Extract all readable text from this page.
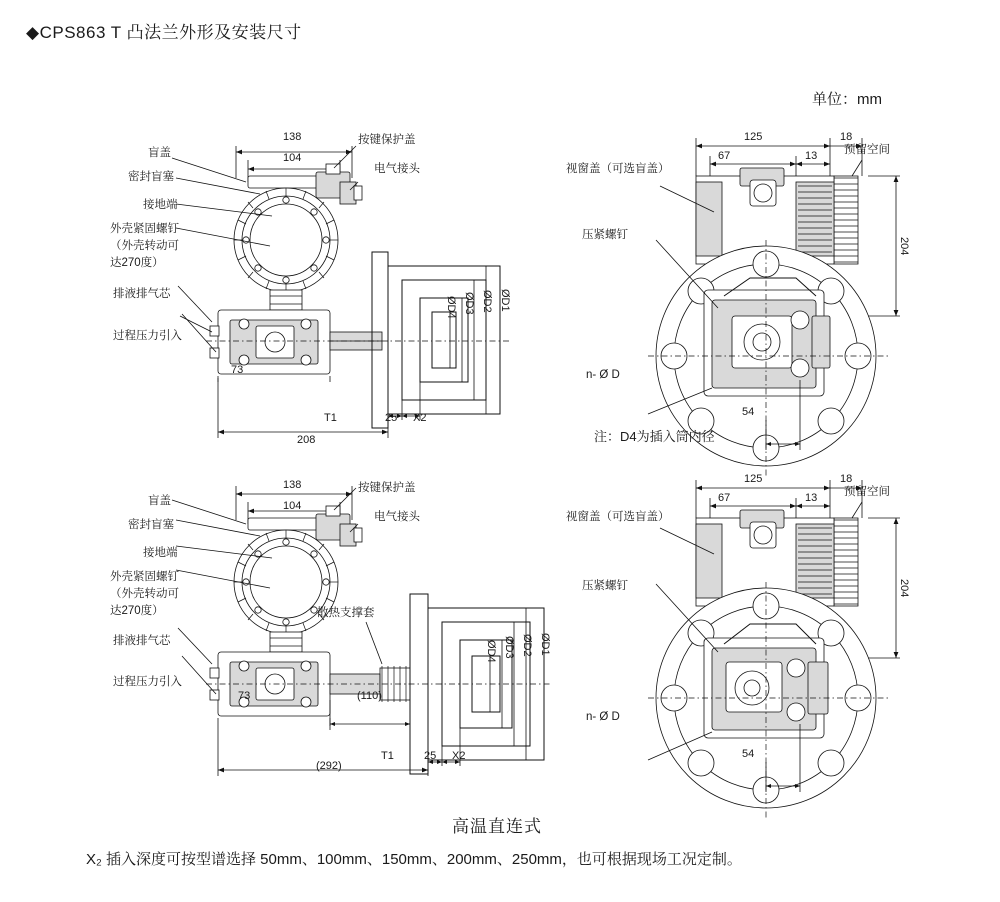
◆CPS863 T 凸法兰外形及安装尺寸
单位：mm
盲盖
密封盲塞
接地端
外壳紧固螺钉
（外壳转动可
达270度）
排液排气芯
过程压力引入
按键保护盖
电气接头
138
104
73
208
T1	25 X2
ØD4 ØD3 ØD2 ØD1
视窗盖（可选盲盖）
压紧螺钉
预留空间
125	18
67	13
204
54
n- Ø D
注：D4为插入筒内径
盲盖
密封盲塞
接地端
外壳紧固螺钉
（外壳转动可
达270度）
排液排气芯
过程压力引入
按键保护盖
电气接头
散热支撑套
138
104
73	(110)
(292)
T1	25 X2
ØD4 ØD3 ØD2 ØD1
视窗盖（可选盲盖）
压紧螺钉
预留空间
125	18
67	13
204
54
n- Ø D
高温直连式
X₂ 插入深度可按型谱选择 50mm、100mm、150mm、200mm、250mm，也可根据现场工况定制。
